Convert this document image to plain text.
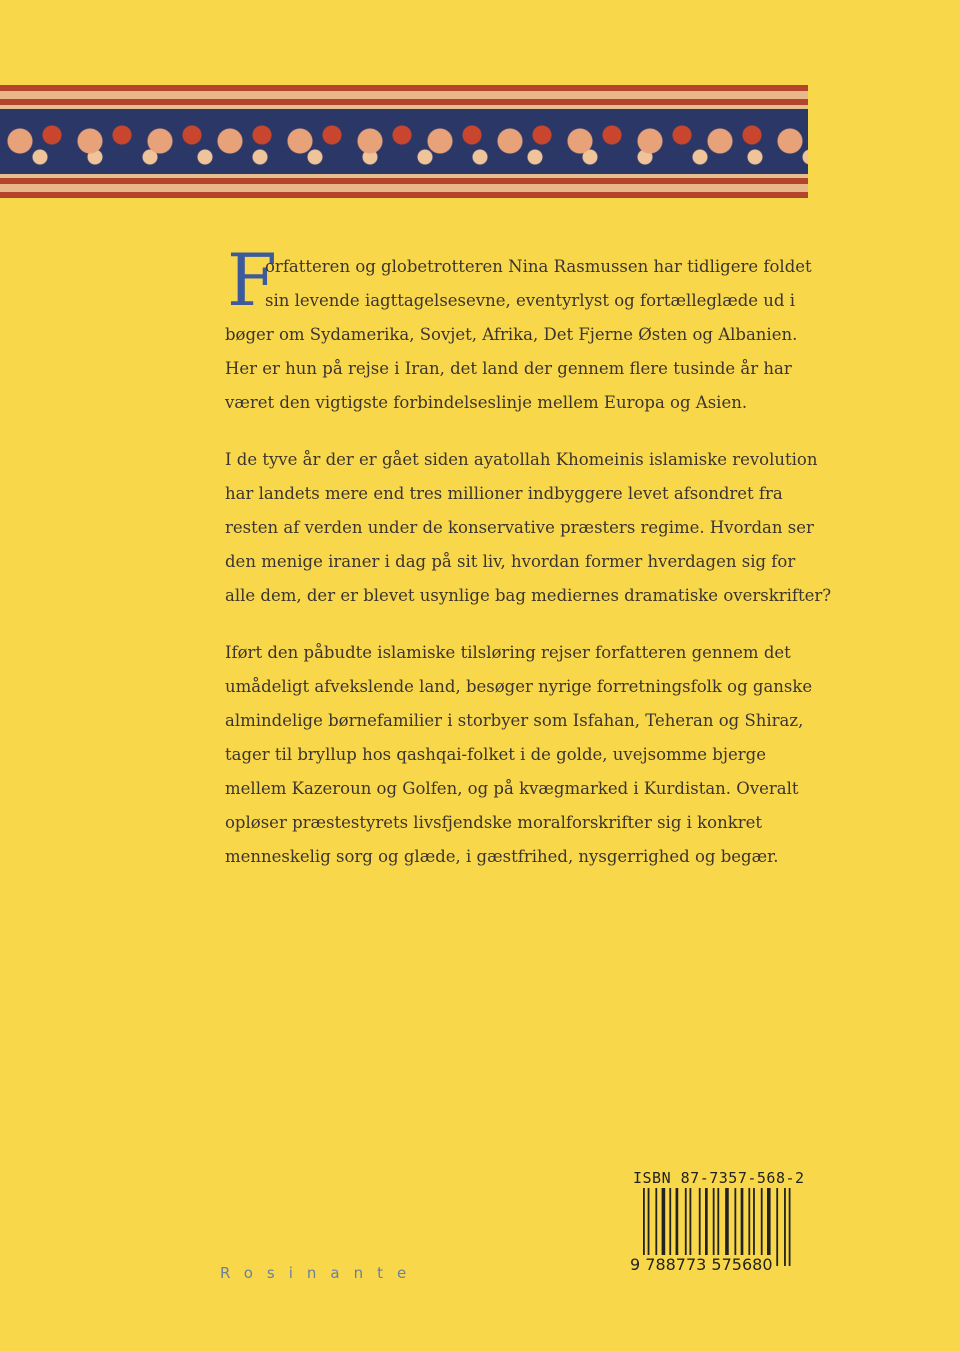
F
orfatteren og globetrotteren Nina Rasmussen har tidligere foldet
sin levende iagttagelsesevne, eventyrlyst og fortælleglæde ud i
bøger om Sydamerika, Sovjet, Afrika, Det Fjerne Østen og Albanien.
Her er hun på rejse i Iran, det land der gennem flere tusinde år har
været den vigtigste forbindelseslinje mellem Europa og Asien.
I de tyve år der er gået siden ayatollah Khomeinis islamiske revolution
har landets mere end tres millioner indbyggere levet afsondret fra
resten af verden under de konservative præsters regime. Hvordan ser
den menige iraner i dag på sit liv, hvordan former hverdagen sig for
alle dem, der er blevet usynlige bag mediernes dramatiske overskrifter?
Iført den påbudte islamiske tilsløring rejser forfatteren gennem det
umådeligt afvekslende land, besøger nyrige forretningsfolk og ganske
almindelige børnefamilier i storbyer som Isfahan, Teheran og Shiraz,
tager til bryllup hos qashqai-folket i de golde, uvejsomme bjerge
mellem Kazeroun og Golfen, og på kvægmarked i Kurdistan. Overalt
opløser præstestyrets livsfjendske moralforskrifter sig i konkret
menneskelig sorg og glæde, i gæstfrihed, nysgerrighed og begær.
ISBN 87-7357-568-2
9 788773 575680
Rosinante
